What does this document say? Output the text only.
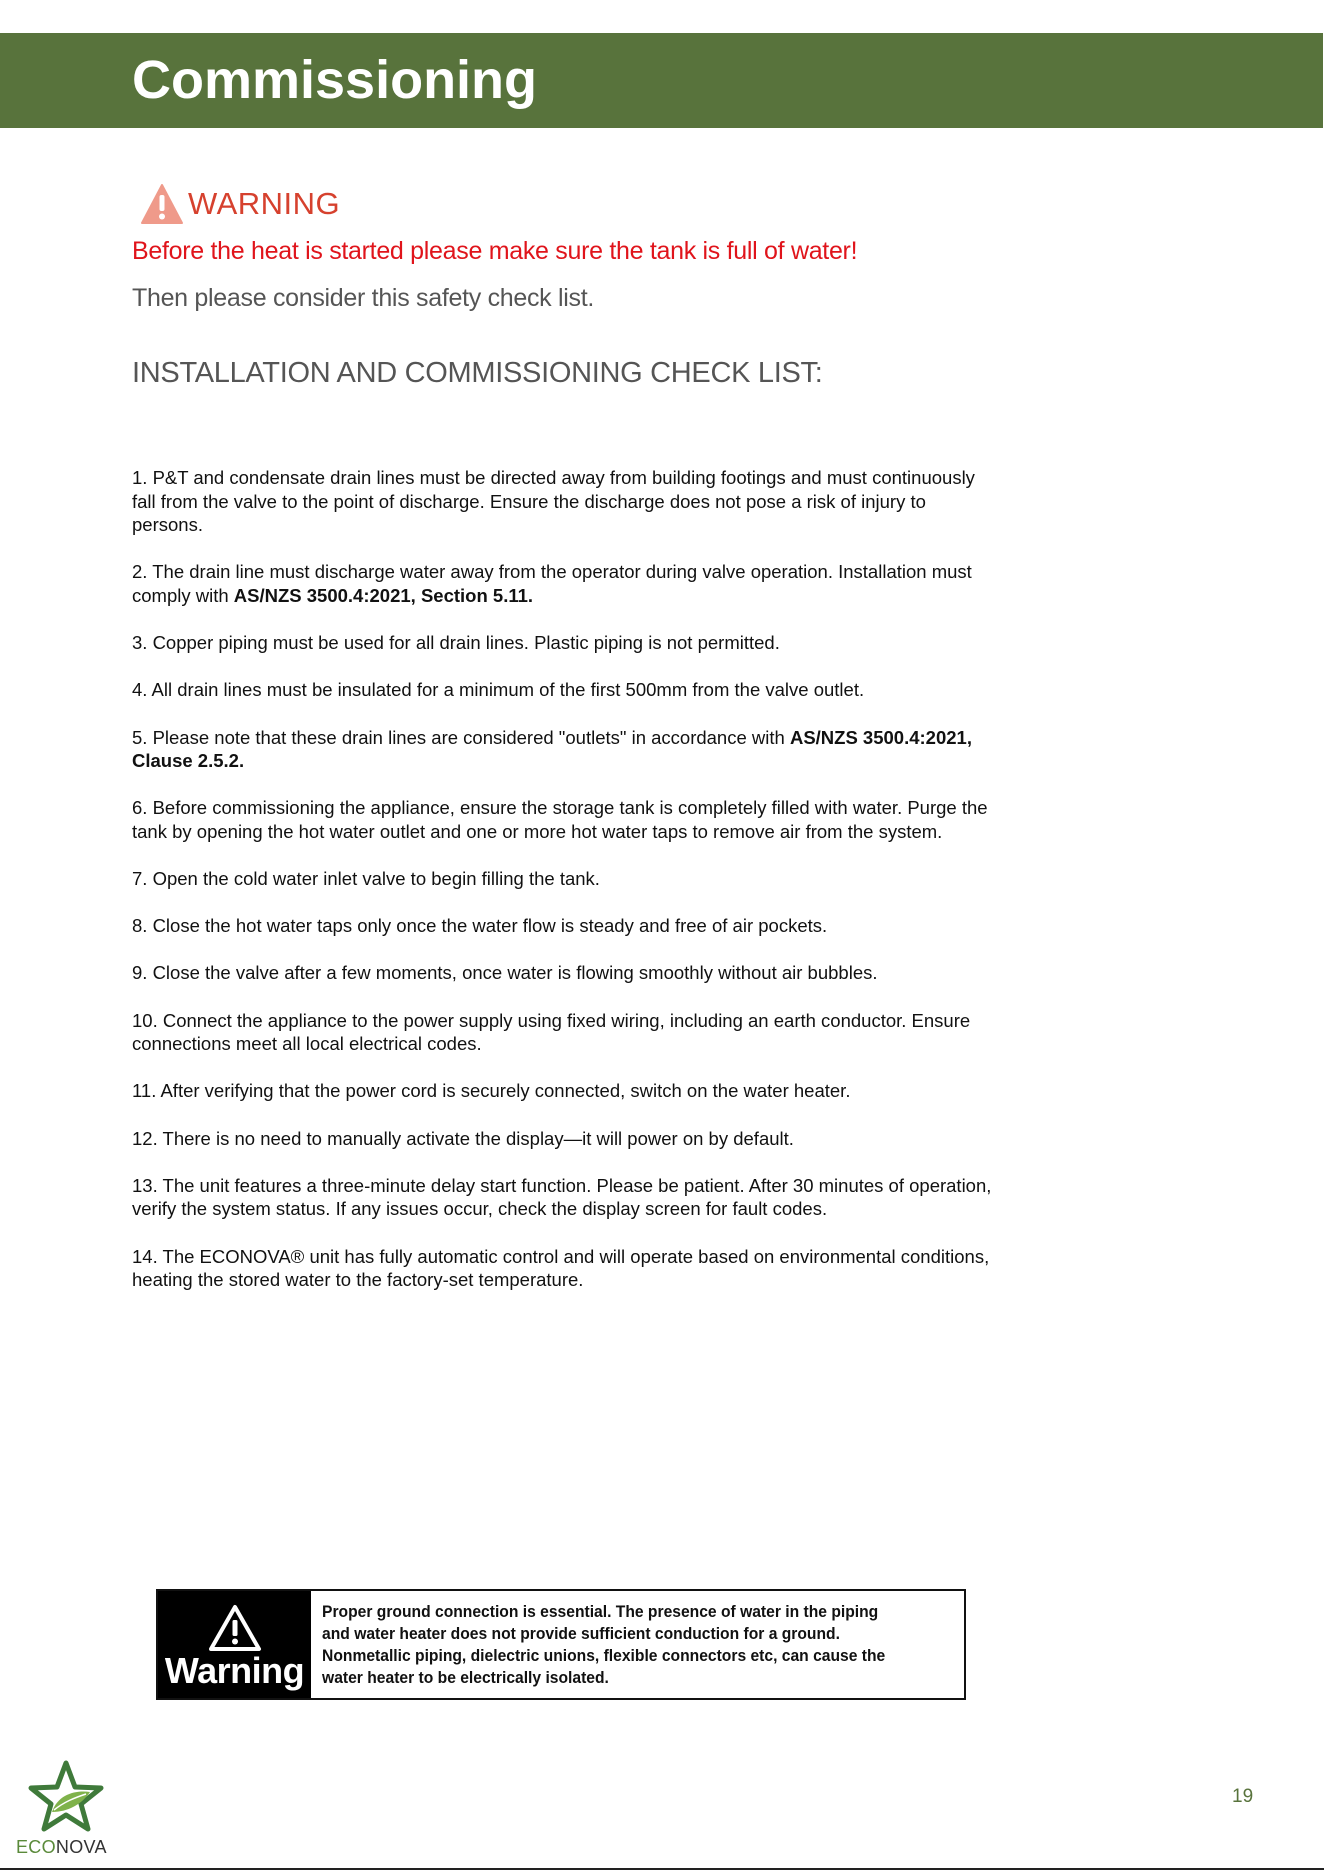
Commissioning
WARNING

Before the heat is started please make sure the tank is full of water!

Then please consider this safety check list.

INSTALLATION AND COMMISSIONING CHECK LIST:

1. P&T and condensate drain lines must be directed away from building footings and must continuously fall from the valve to the point of discharge. Ensure the discharge does not pose a risk of injury to persons.

2. The drain line must discharge water away from the operator during valve operation. Installation must comply with AS/NZS 3500.4:2021, Section 5.11.

3. Copper piping must be used for all drain lines. Plastic piping is not permitted.

4. All drain lines must be insulated for a minimum of the first 500mm from the valve outlet.

5. Please note that these drain lines are considered "outlets" in accordance with AS/NZS 3500.4:2021, Clause 2.5.2.

6. Before commissioning the appliance, ensure the storage tank is completely filled with water. Purge the tank by opening the hot water outlet and one or more hot water taps to remove air from the system.

7. Open the cold water inlet valve to begin filling the tank.

8. Close the hot water taps only once the water flow is steady and free of air pockets.

9. Close the valve after a few moments, once water is flowing smoothly without air bubbles.

10. Connect the appliance to the power supply using fixed wiring, including an earth conductor. Ensure connections meet all local electrical codes.

11. After verifying that the power cord is securely connected, switch on the water heater.

12. There is no need to manually activate the display—it will power on by default.

13. The unit features a three-minute delay start function. Please be patient. After 30 minutes of operation, verify the system status. If any issues occur, check the display screen for fault codes.

14. The ECONOVA® unit has fully automatic control and will operate based on environmental conditions, heating the stored water to the factory-set temperature.

Warning
Proper ground connection is essential. The presence of water in the piping and water heater does not provide sufficient conduction for a ground. Nonmetallic piping, dielectric unions, flexible connectors etc, can cause the water heater to be electrically isolated.
ECONOVA
19
